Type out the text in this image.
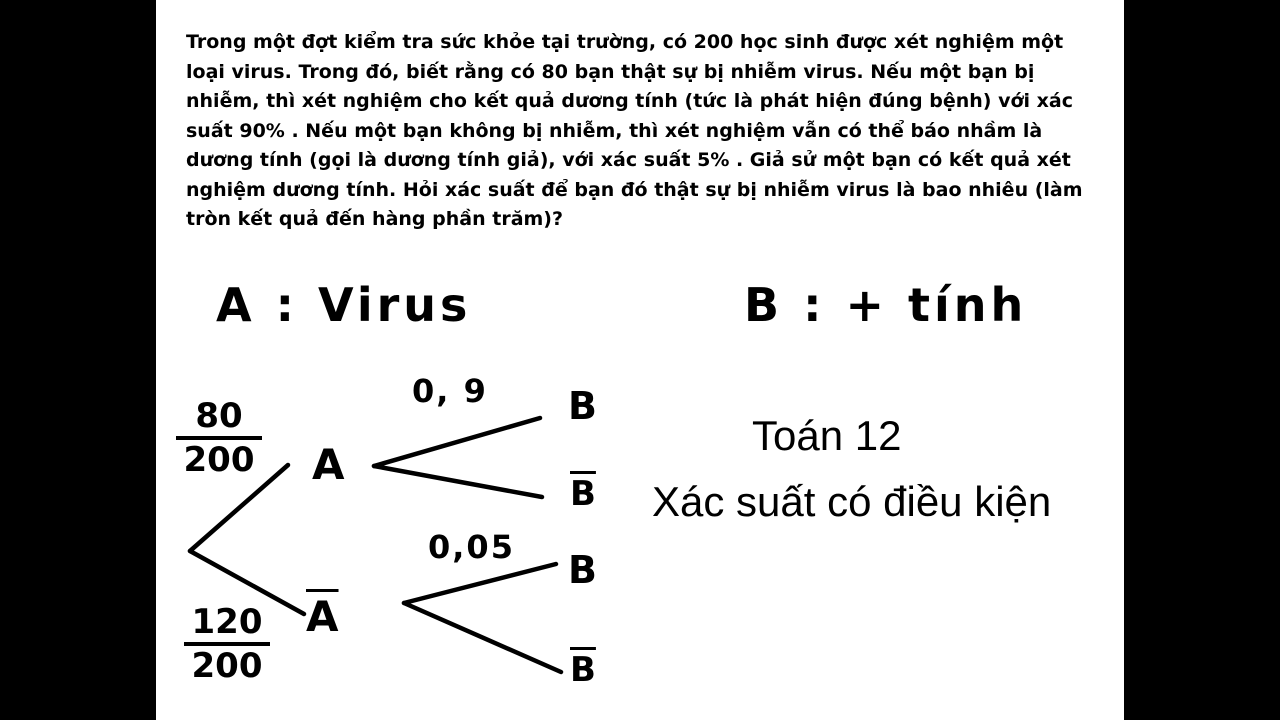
Trong một đợt kiểm tra sức khỏe tại trường, có 200 học sinh được xét nghiệm một loại virus. Trong đó, biết rằng có 80 bạn thật sự bị nhiễm virus. Nếu một bạn bị nhiễm, thì xét nghiệm cho kết quả dương tính (tức là phát hiện đúng bệnh) với xác suất 90% . Nếu một bạn không bị nhiễm, thì xét nghiệm vẫn có thể báo nhầm là dương tính (gọi là dương tính giả), với xác suất 5% . Giả sử một bạn có kết quả xét nghiệm dương tính. Hỏi xác suất để bạn đó thật sự bị nhiễm virus là bao nhiêu (làm tròn kết quả đến hàng phần trăm)?

A : Virus	B : + tính
80
200
120
200
A
$\overline{A}$
0, 9
0,05
B
$\overline{B}$
B
$\overline{B}$
Toán 12
Xác suất có điều kiện
